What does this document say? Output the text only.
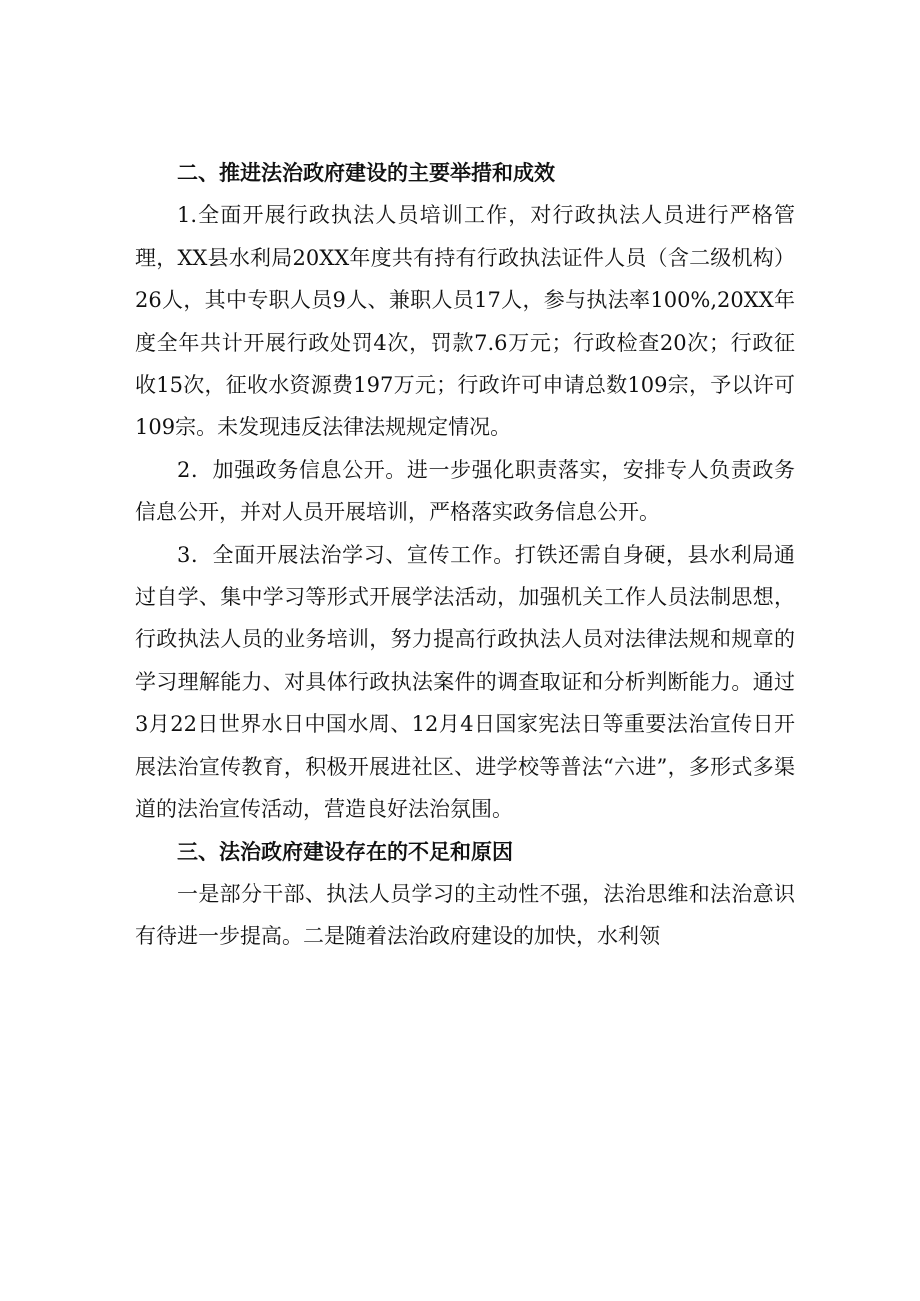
二、推进法治政府建设的主要举措和成效

1.全面开展行政执法人员培训工作，对行政执法人员进行严格管理，XX县水利局20XX年度共有持有行政执法证件人员（含二级机构）26人，其中专职人员9人、兼职人员17人，参与执法率100%,20XX年度全年共计开展行政处罚4次，罚款7.6万元；行政检查20次；行政征收15次，征收水资源费197万元；行政许可申请总数109宗，予以许可109宗。未发现违反法律法规规定情况。

2．加强政务信息公开。进一步强化职责落实，安排专人负责政务信息公开，并对人员开展培训，严格落实政务信息公开。

3．全面开展法治学习、宣传工作。打铁还需自身硬，县水利局通过自学、集中学习等形式开展学法活动，加强机关工作人员法制思想，行政执法人员的业务培训，努力提高行政执法人员对法律法规和规章的学习理解能力、对具体行政执法案件的调查取证和分析判断能力。通过3月22日世界水日中国水周、12月4日国家宪法日等重要法治宣传日开展法治宣传教育，积极开展进社区、进学校等普法“六进”，多形式多渠道的法治宣传活动，营造良好法治氛围。

三、法治政府建设存在的不足和原因

一是部分干部、执法人员学习的主动性不强，法治思维和法治意识有待进一步提高。二是随着法治政府建设的加快，水利领
